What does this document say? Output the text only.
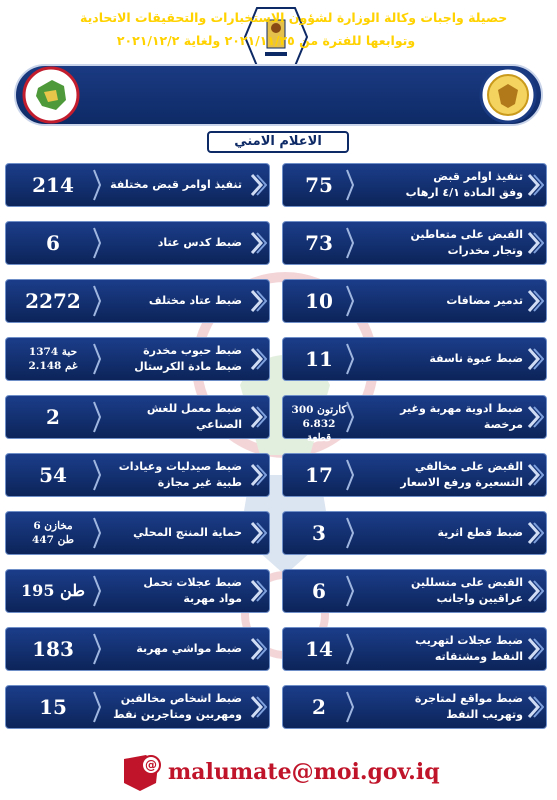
حصيلة واجبات وكالة الوزارة لشؤون الاستخبارات والتحقيقات الاتحادية
وتوابعها للفترة من ٢٠٢١/١١/٢٥ ولغاية ٢٠٢١/١٢/٢
الاعلام الامني
214	تنفيذ اوامر قبض مختلفة
6	ضبط كدس عتاد
2272	ضبط عتاد مختلف
1374 حبة
2.148 غم
ضبط حبوب مخدرة
ضبط مادة الكرستال
2	ضبط معمل للغش الصناعي
54	ضبط صيدليات وعيادات
طبية غير مجازة
6 مخازن
447 طن
حماية المنتج المحلي
195 طن	ضبط عجلات تحمل
مواد مهربة
183	ضبط مواشي مهربة
15	ضبط اشخاص مخالفين
ومهربين ومتاجرين نفط
75	تنفيذ اوامر قبض
وفق المادة ٤/١ ارهاب
73	القبض على متعاطين
وتجار مخدرات
10	تدمير مضافات
11	ضبط عبوة ناسفة
300 كارتون
6.832 قطعة
ضبط ادوية مهربة وغير
مرخصة
17	القبض على مخالفي
التسعيرة ورفع الاسعار
3	ضبط قطع اثرية
6	القبض على متسللين
عراقيين واجانب
14	ضبط عجلات لتهريب
النفط ومشتقاته
2	ضبط مواقع لمتاجرة
وتهريب النفط
@ malumate@moi.gov.iq
